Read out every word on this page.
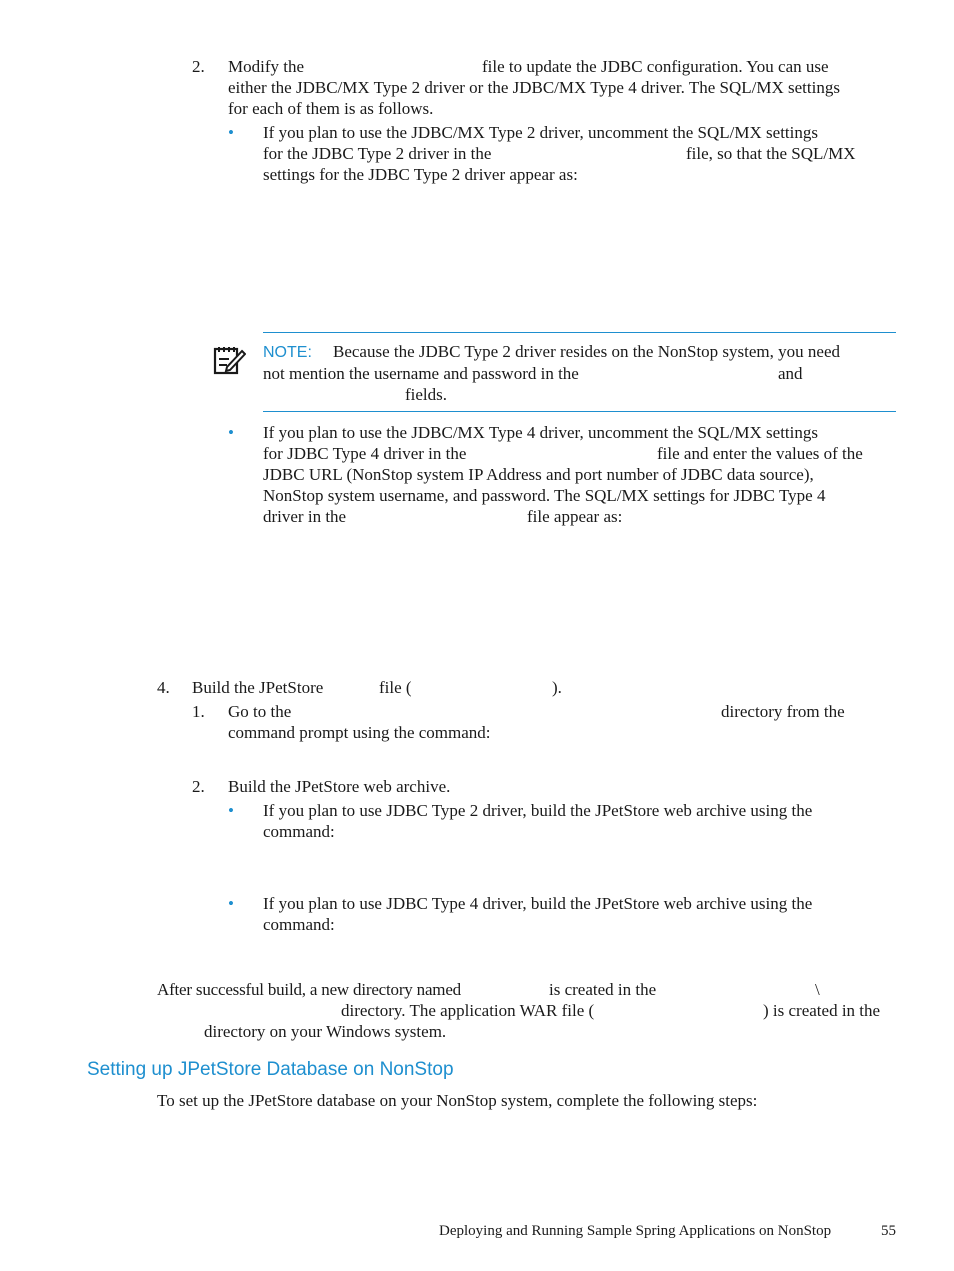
2. Modify the	file to update the JDBC configuration. You can use
either the JDBC/MX Type 2 driver or the JDBC/MX Type 4 driver. The SQL/MX settings
for each of them is as follows.
• If you plan to use the JDBC/MX Type 2 driver, uncomment the SQL/MX settings
for the JDBC Type 2 driver in the	file, so that the SQL/MX
settings for the JDBC Type 2 driver appear as:
NOTE: Because the JDBC Type 2 driver resides on the NonStop system, you need
not mention the username and password in the	and
fields.
• If you plan to use the JDBC/MX Type 4 driver, uncomment the SQL/MX settings
for JDBC Type 4 driver in the	file and enter the values of the
JDBC URL (NonStop system IP Address and port number of JDBC data source),
NonStop system username, and password. The SQL/MX settings for JDBC Type 4
driver in the	file appear as:
4. Build the JPetStore	file (	).
1. Go to the	directory from the
command prompt using the command:
2. Build the JPetStore web archive.
• If you plan to use JDBC Type 2 driver, build the JPetStore web archive using the
command:
• If you plan to use JDBC Type 4 driver, build the JPetStore web archive using the
command:
After successful build, a new directory named	is created in the	\
directory. The application WAR file (	) is created in the
directory on your Windows system.
Setting up JPetStore Database on NonStop
To set up the JPetStore database on your NonStop system, complete the following steps:
Deploying and Running Sample Spring Applications on NonStop	55
